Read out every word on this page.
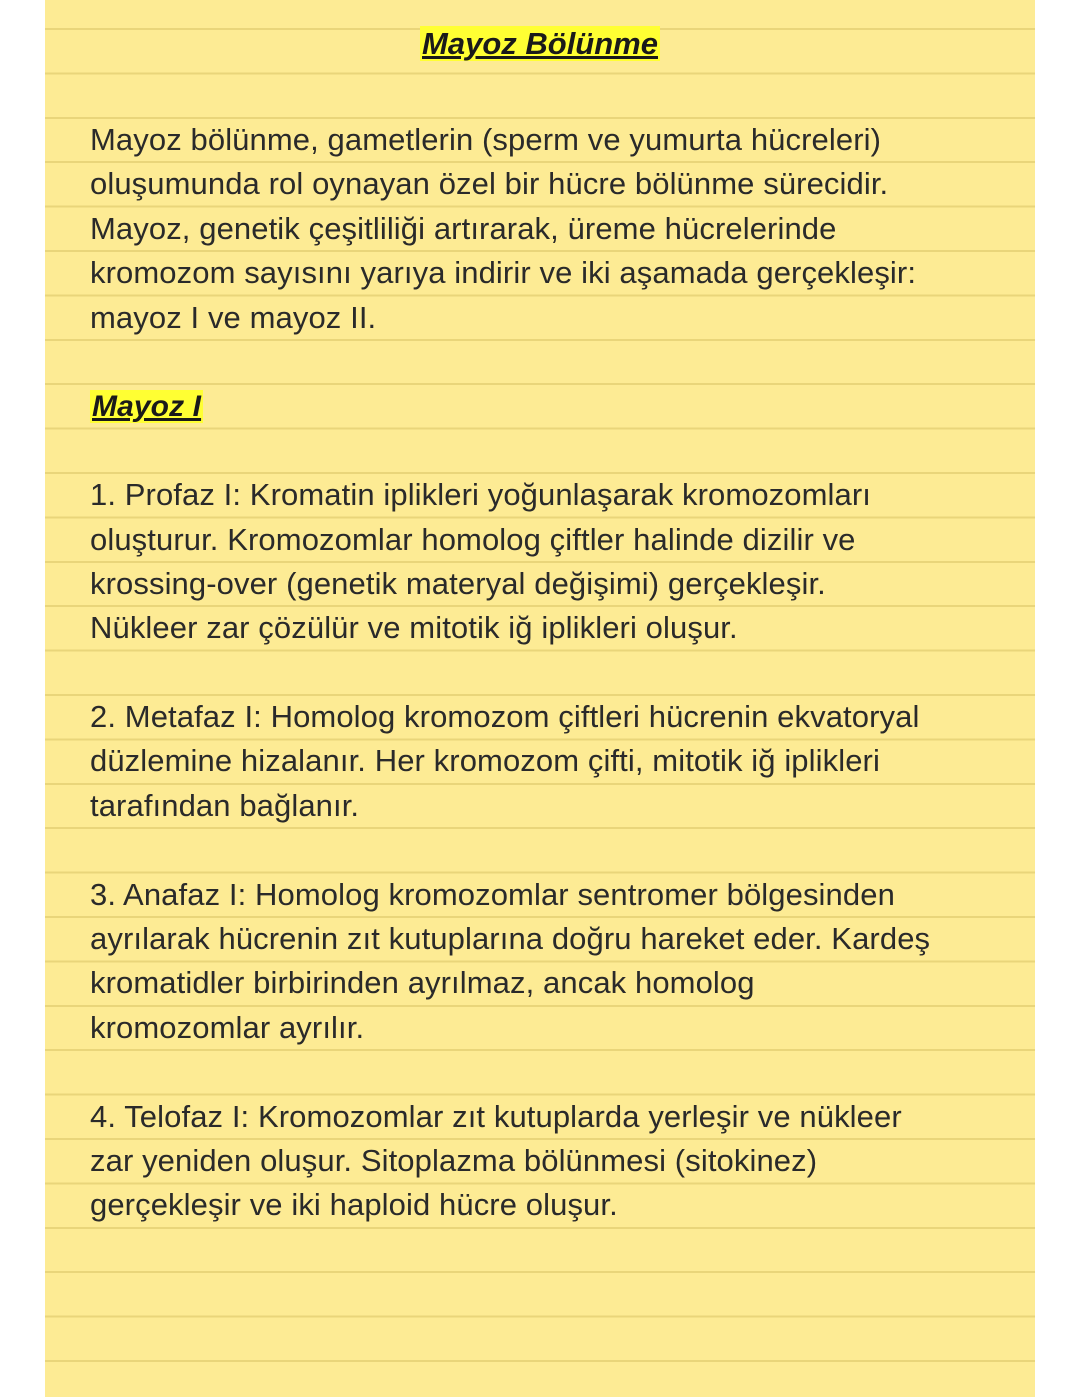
Mayoz Bölünme
Mayoz bölünme, gametlerin (sperm ve yumurta hücreleri)
oluşumunda rol oynayan özel bir hücre bölünme sürecidir.
Mayoz, genetik çeşitliliği artırarak, üreme hücrelerinde
kromozom sayısını yarıya indirir ve iki aşamada gerçekleşir:
mayoz I ve mayoz II.
Mayoz I
1. Profaz I: Kromatin iplikleri yoğunlaşarak kromozomları
oluşturur. Kromozomlar homolog çiftler halinde dizilir ve
krossing-over (genetik materyal değişimi) gerçekleşir.
Nükleer zar çözülür ve mitotik iğ iplikleri oluşur.
2. Metafaz I: Homolog kromozom çiftleri hücrenin ekvatoryal
düzlemine hizalanır. Her kromozom çifti, mitotik iğ iplikleri
tarafından bağlanır.
3. Anafaz I: Homolog kromozomlar sentromer bölgesinden
ayrılarak hücrenin zıt kutuplarına doğru hareket eder. Kardeş
kromatidler birbirinden ayrılmaz, ancak homolog
kromozomlar ayrılır.
4. Telofaz I: Kromozomlar zıt kutuplarda yerleşir ve nükleer
zar yeniden oluşur. Sitoplazma bölünmesi (sitokinez)
gerçekleşir ve iki haploid hücre oluşur.
